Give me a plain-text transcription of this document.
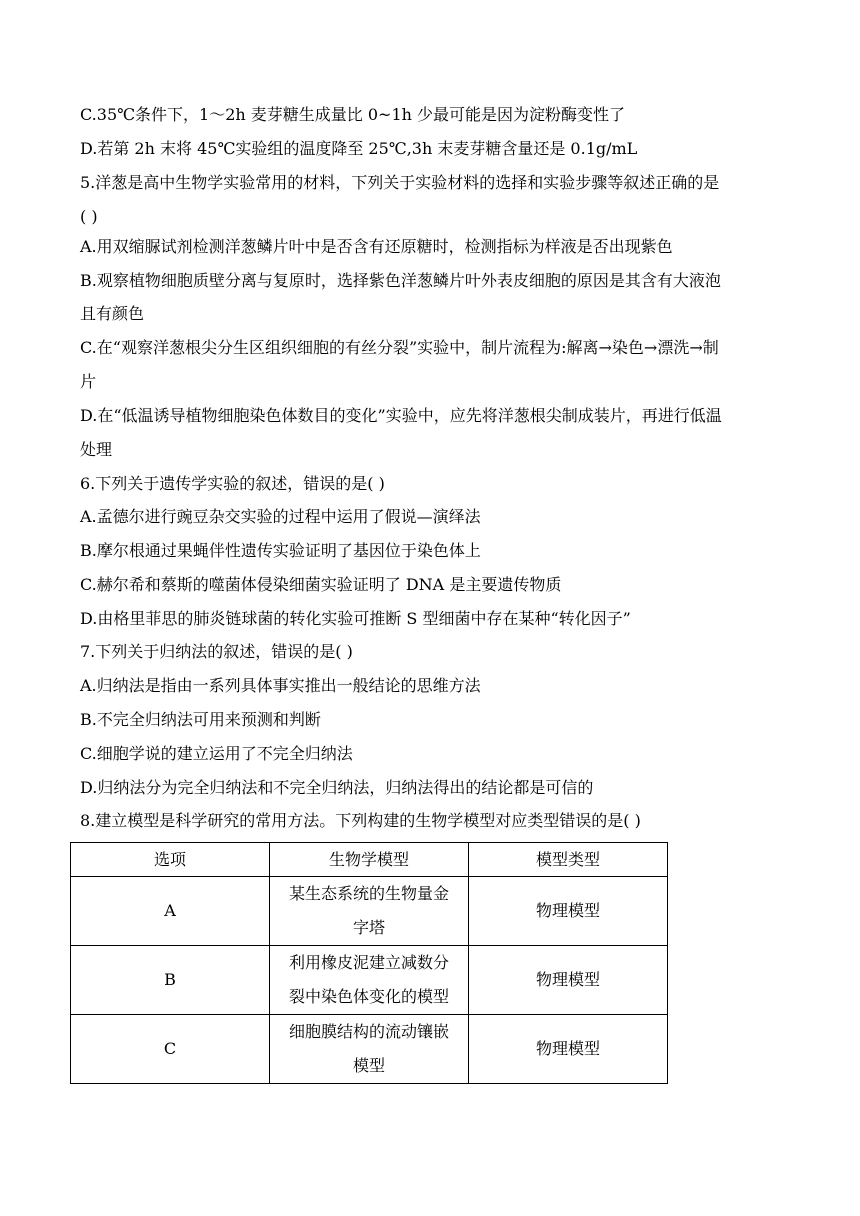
C.35℃条件下，1～2h 麦芽糖生成量比 0~1h 少最可能是因为淀粉酶变性了
D.若第 2h 末将 45℃实验组的温度降至 25℃,3h 末麦芽糖含量还是 0.1g/mL
5.洋葱是高中生物学实验常用的材料，下列关于实验材料的选择和实验步骤等叙述正确的是
( )
A.用双缩脲试剂检测洋葱鳞片叶中是否含有还原糖时，检测指标为样液是否出现紫色
B.观察植物细胞质壁分离与复原时，选择紫色洋葱鳞片叶外表皮细胞的原因是其含有大液泡
且有颜色
C.在“观察洋葱根尖分生区组织细胞的有丝分裂”实验中，制片流程为:解离→染色→漂洗→制
片
D.在“低温诱导植物细胞染色体数目的变化”实验中，应先将洋葱根尖制成装片，再进行低温
处理
6.下列关于遗传学实验的叙述，错误的是( )
A.孟德尔进行豌豆杂交实验的过程中运用了假说—演绎法
B.摩尔根通过果蝇伴性遗传实验证明了基因位于染色体上
C.赫尔希和蔡斯的噬菌体侵染细菌实验证明了 DNA 是主要遗传物质
D.由格里菲思的肺炎链球菌的转化实验可推断 S 型细菌中存在某种“转化因子”
7.下列关于归纳法的叙述，错误的是( )
A.归纳法是指由一系列具体事实推出一般结论的思维方法
B.不完全归纳法可用来预测和判断
C.细胞学说的建立运用了不完全归纳法
D.归纳法分为完全归纳法和不完全归纳法，归纳法得出的结论都是可信的
8.建立模型是科学研究的常用方法。下列构建的生物学模型对应类型错误的是( )
选项	生物学模型	模型类型
A	某生态系统的生物量金字塔	物理模型
B	利用橡皮泥建立减数分裂中染色体变化的模型	物理模型
C	细胞膜结构的流动镶嵌模型	物理模型
